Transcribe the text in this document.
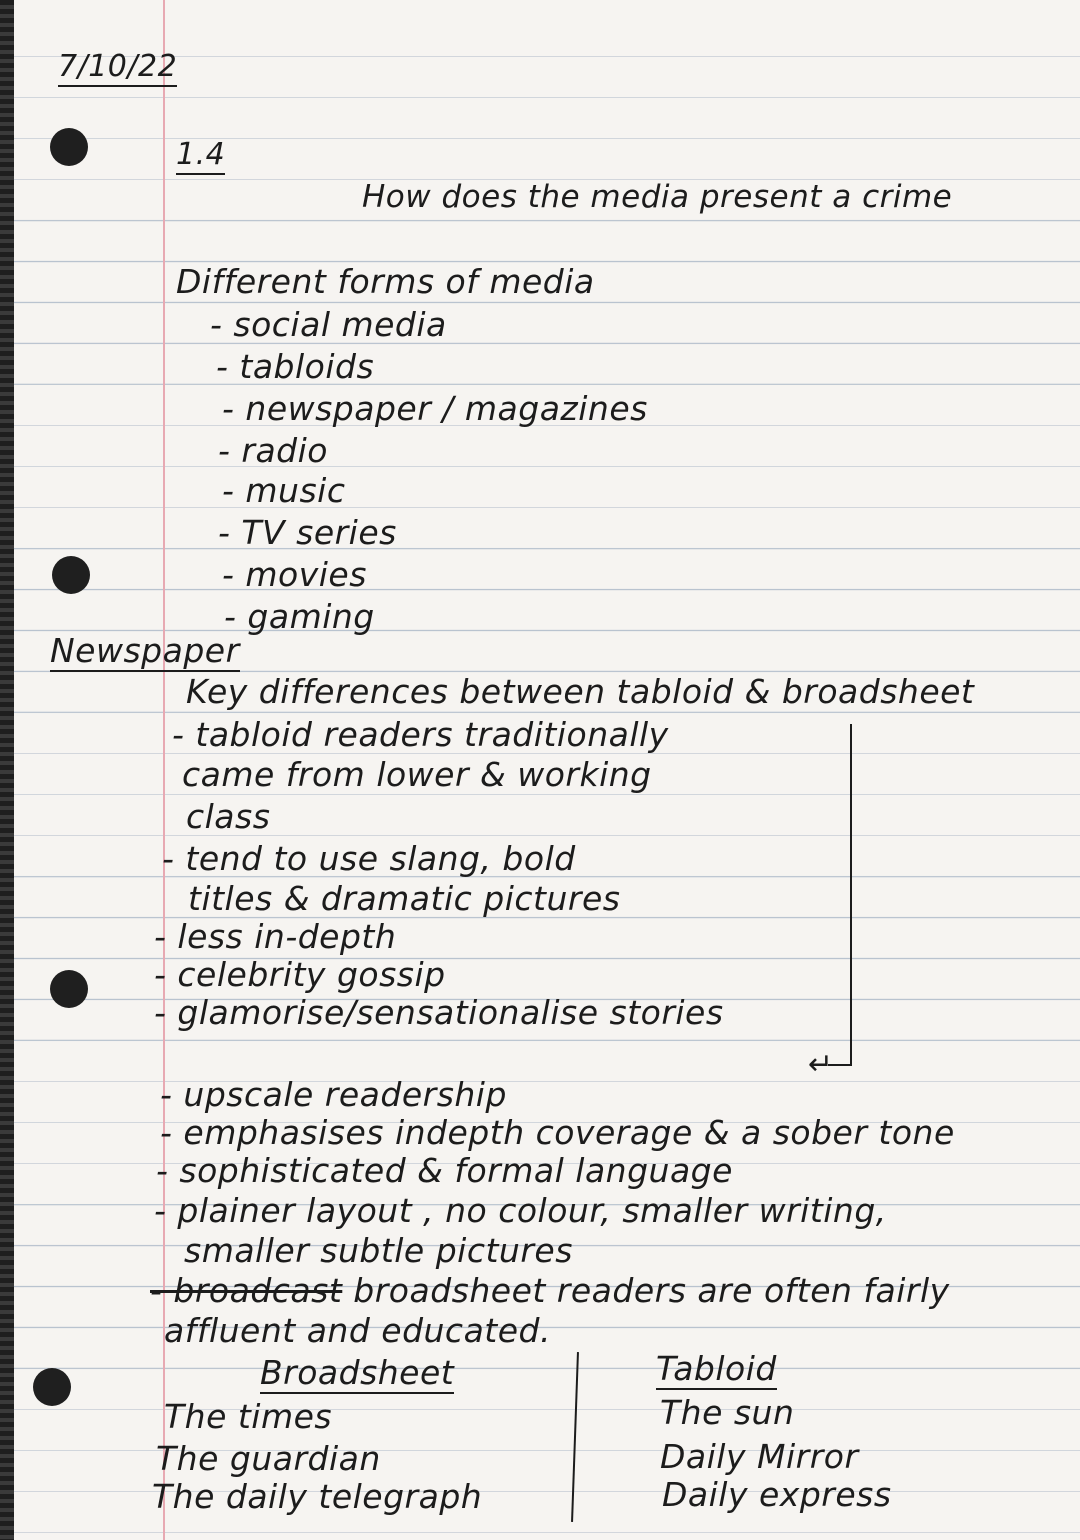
7/10/22
1.4
How does the media present a crime
Different forms of media
- social media
- tabloids
- newspaper / magazines
- radio
- music
- TV series
- movies
- gaming
Newspaper
Key differences between tabloid & broadsheet
- tabloid readers traditionally
came from lower & working
class
- tend to use slang, bold
titles & dramatic pictures
- less in-depth
- celebrity gossip
- glamorise/sensationalise stories
↵
- upscale readership
- emphasises indepth coverage & a sober tone
- sophisticated & formal language
- plainer layout , no colour, smaller writing,
smaller subtle pictures
- broadcast broadsheet readers are often fairly
affluent and educated.
Broadsheet
The times
The guardian
The daily telegraph
Tabloid
The sun
Daily Mirror
Daily express
